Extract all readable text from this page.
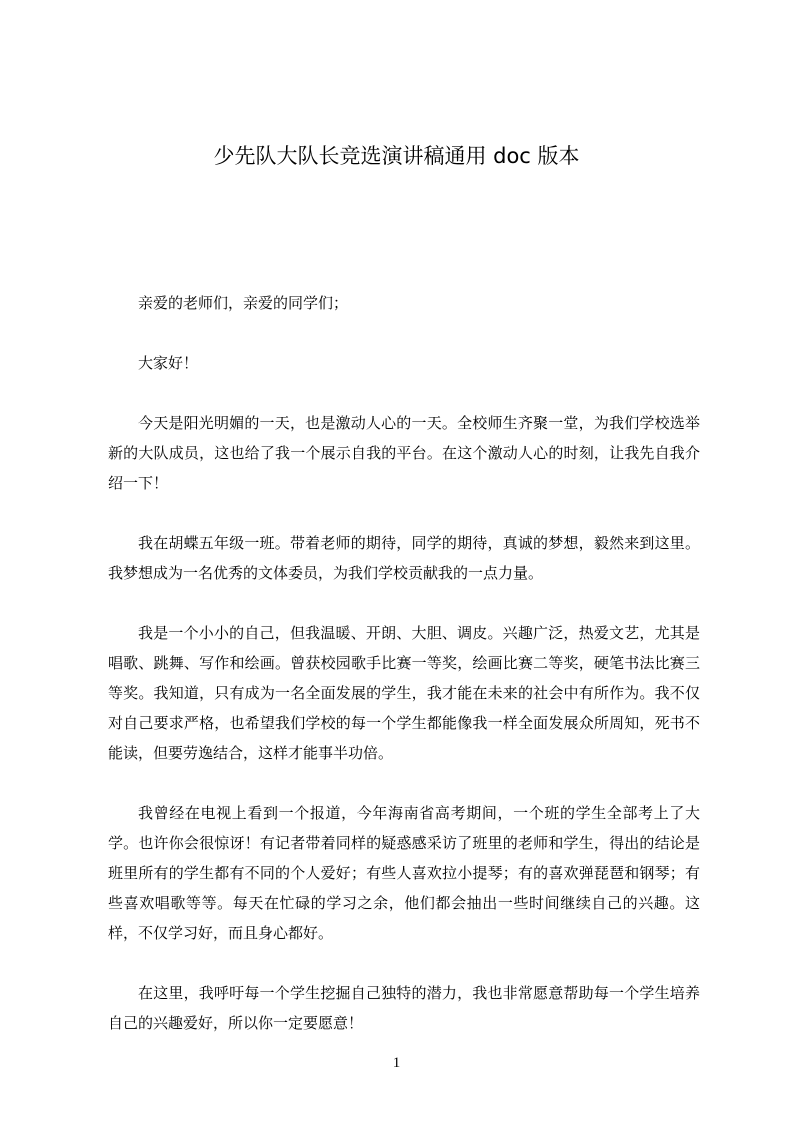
少先队大队长竞选演讲稿通用 doc 版本

亲爱的老师们，亲爱的同学们；

大家好！

今天是阳光明媚的一天，也是激动人心的一天。全校师生齐聚一堂，为我们学校选举新的大队成员，这也给了我一个展示自我的平台。在这个激动人心的时刻，让我先自我介绍一下！

我在胡蝶五年级一班。带着老师的期待，同学的期待，真诚的梦想，毅然来到这里。我梦想成为一名优秀的文体委员，为我们学校贡献我的一点力量。

我是一个小小的自己，但我温暖、开朗、大胆、调皮。兴趣广泛，热爱文艺，尤其是唱歌、跳舞、写作和绘画。曾获校园歌手比赛一等奖，绘画比赛二等奖，硬笔书法比赛三等奖。我知道，只有成为一名全面发展的学生，我才能在未来的社会中有所作为。我不仅对自己要求严格，也希望我们学校的每一个学生都能像我一样全面发展众所周知，死书不能读，但要劳逸结合，这样才能事半功倍。

我曾经在电视上看到一个报道，今年海南省高考期间，一个班的学生全部考上了大学。也许你会很惊讶！有记者带着同样的疑惑感采访了班里的老师和学生，得出的结论是班里所有的学生都有不同的个人爱好；有些人喜欢拉小提琴；有的喜欢弹琵琶和钢琴；有些喜欢唱歌等等。每天在忙碌的学习之余，他们都会抽出一些时间继续自己的兴趣。这样，不仅学习好，而且身心都好。

在这里，我呼吁每一个学生挖掘自己独特的潜力，我也非常愿意帮助每一个学生培养自己的兴趣爱好，所以你一定要愿意！

1
